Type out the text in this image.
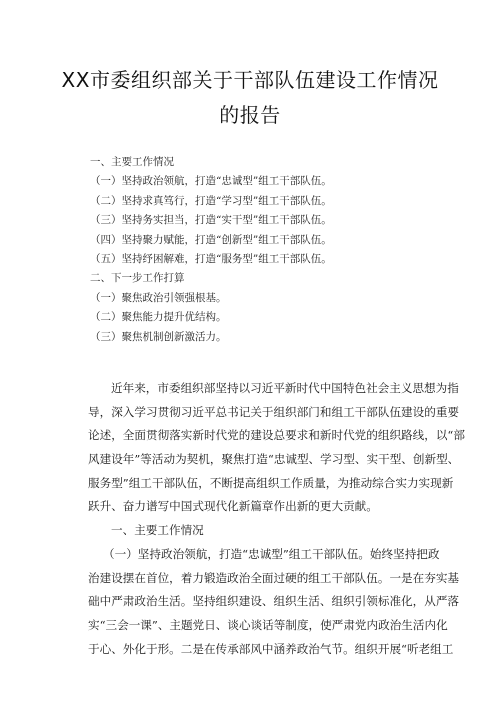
XX市委组织部关于干部队伍建设工作情况
的报告
一、主要工作情况
（一）坚持政治领航，打造“忠诚型”组工干部队伍。
（二）坚持求真笃行，打造“学习型”组工干部队伍。
（三）坚持务实担当，打造“实干型”组工干部队伍。
（四）坚持聚力赋能，打造“创新型”组工干部队伍。
（五）坚持纾困解难，打造“服务型”组工干部队伍。
二、下一步工作打算
（一）聚焦政治引领强根基。
（二）聚焦能力提升优结构。
（三）聚焦机制创新激活力。
近年来，市委组织部坚持以习近平新时代中国特色社会主义思想为指
导，深入学习贯彻习近平总书记关于组织部门和组工干部队伍建设的重要
论述，全面贯彻落实新时代党的建设总要求和新时代党的组织路线，以“部
风建设年”等活动为契机，聚焦打造“忠诚型、学习型、实干型、创新型、
服务型”组工干部队伍，不断提高组织工作质量，为推动综合实力实现新
跃升、奋力谱写中国式现代化新篇章作出新的更大贡献。
一、主要工作情况
（一）坚持政治领航，打造“忠诚型”组工干部队伍。始终坚持把政
治建设摆在首位，着力锻造政治全面过硬的组工干部队伍。一是在夯实基
础中严肃政治生活。坚持组织建设、组织生活、组织引领标准化，从严落
实“三会一课”、主题党日、谈心谈话等制度，使严肃党内政治生活内化
于心、外化于形。二是在传承部风中涵养政治气节。组织开展“听老组工
